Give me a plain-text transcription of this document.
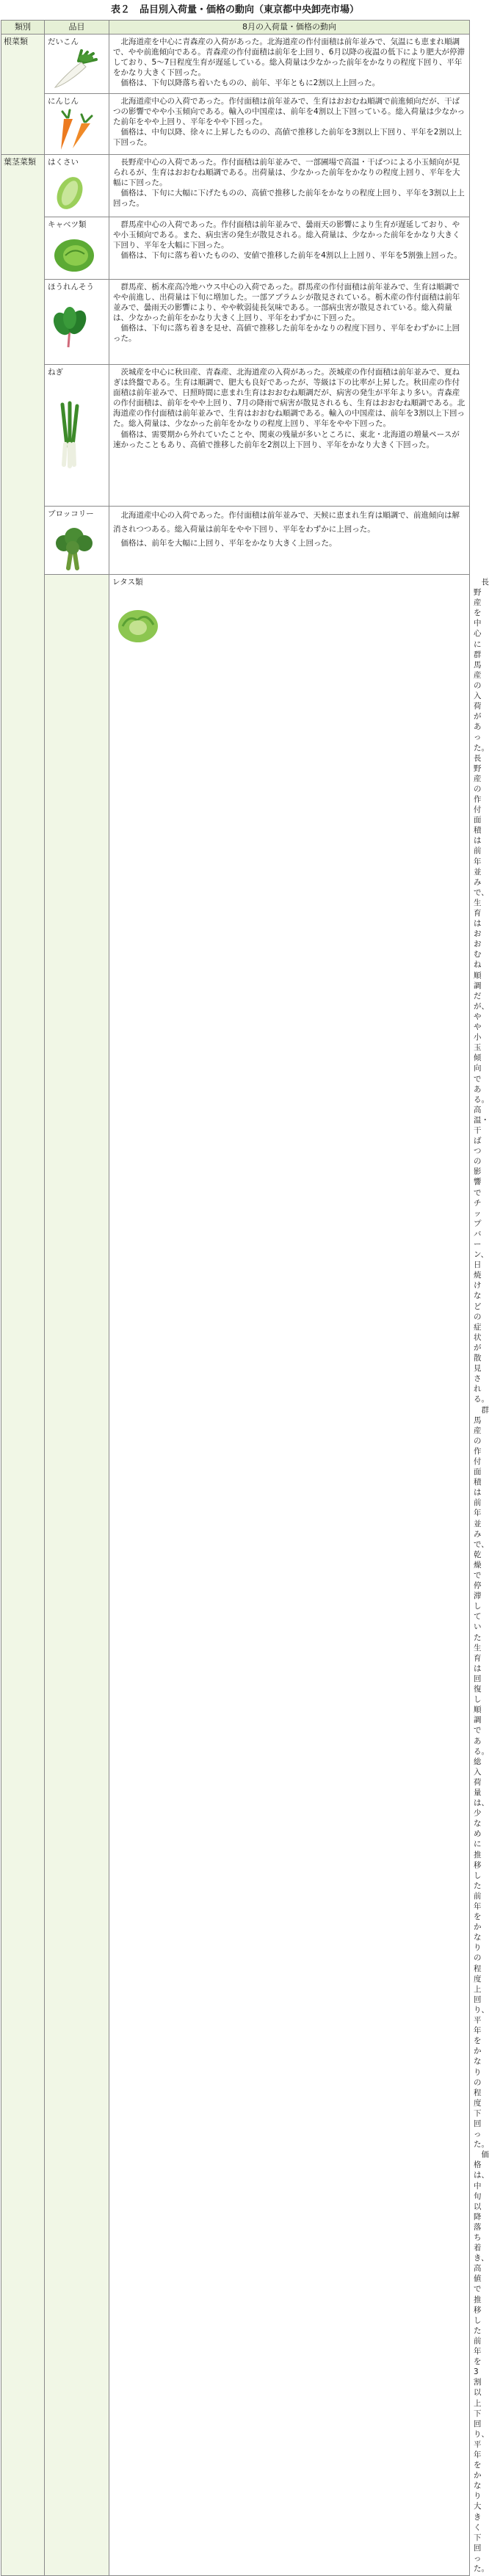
表２　品目別入荷量・価格の動向（東京都中央卸売市場）
類別	品目	8月の入荷量・価格の動向	
根菜類	だいこん	北海道産を中心に青森産の入荷があった。北海道産の作付面積は前年並みで、気温にも恵まれ順調で、やや前進傾向である。青森産の作付面積は前年を上回り、6月以降の夜温の低下により肥大が停滞しており、5〜7日程度生育が遅延している。総入荷量は少なかった前年をかなりの程度下回り、平年をかなり大きく下回った。

価格は、下旬以降落ち着いたものの、前年、平年ともに2割以上上回った。	

	にんじん	北海道産中心の入荷であった。作付面積は前年並みで、生育はおおむね順調で前進傾向だが、干ばつの影響でやや小玉傾向である。輸入の中国産は、前年を4割以上下回っている。総入荷量は少なかった前年をやや上回り、平年をやや下回った。

価格は、中旬以降、徐々に上昇したものの、高値で推移した前年を3割以上下回り、平年を2割以上下回った。	

葉茎菜類	はくさい	長野産中心の入荷であった。作付面積は前年並みで、一部圃場で高温・干ばつによる小玉傾向が見られるが、生育はおおむね順調である。出荷量は、少なかった前年をかなりの程度上回り、平年を大幅に下回った。

価格は、下旬に大幅に下げたものの、高値で推移した前年をかなりの程度上回り、平年を3割以上上回った。	

	キャベツ類	群馬産中心の入荷であった。作付面積は前年並みで、曇雨天の影響により生育が遅延しており、やや小玉傾向である。また、病虫害の発生が散見される。総入荷量は、少なかった前年をかなり大きく下回り、平年を大幅に下回った。

価格は、下旬に落ち着いたものの、安値で推移した前年を4割以上上回り、平年を5割強上回った。	

	ほうれんそう	群馬産、栃木産高冷地ハウス中心の入荷であった。群馬産の作付面積は前年並みで、生育は順調でやや前進し、出荷量は下旬に増加した。一部アブラムシが散見されている。栃木産の作付面積は前年並みで、曇雨天の影響により、やや軟弱徒長気味である。一部病虫害が散見されている。総入荷量は、少なかった前年をかなり大きく上回り、平年をわずかに下回った。

価格は、下旬に落ち着きを見せ、高値で推移した前年をかなりの程度下回り、平年をわずかに上回った。	

	ねぎ	茨城産を中心に秋田産、青森産、北海道産の入荷があった。茨城産の作付面積は前年並みで、夏ねぎは終盤である。生育は順調で、肥大も良好であったが、等級は下の比率が上昇した。秋田産の作付面積は前年並みで、日照時間に恵まれ生育はおおむね順調だが、病害の発生が平年より多い。青森産の作付面積は、前年をやや上回り、7月の降雨で病害が散見されるも、生育はおおむね順調である。北海道産の作付面積は前年並みで、生育はおおむね順調である。輸入の中国産は、前年を3割以上下回った。総入荷量は、少なかった前年をかなりの程度上回り、平年をやや下回った。

価格は、需要期から外れていたことや、関東の残量が多いところに、東北・北海道の増量ペースが速かったこともあり、高値で推移した前年を2割以上下回り、平年をかなり大きく下回った。	

	ブロッコリー	北海道産中心の入荷であった。作付面積は前年並みで、天候に恵まれ生育は順調で、前進傾向は解消されつつある。総入荷量は前年をやや下回り、平年をわずかに上回った。

価格は、前年を大幅に上回り、平年をかなり大きく上回った。	

		レタス類	長野産を中心に群馬産の入荷があった。長野産の作付面積は前年並みで、生育はおおむね順調だが、やや小玉傾向である。高温・干ばつの影響でチップバーン、日焼けなどの症状が散見される。

群馬産の作付面積は前年並みで、乾燥で停滞していた生育は回復し順調である。総入荷量は、少なめに推移した前年をかなりの程度上回り、平年をかなりの程度下回った。

価格は、中旬以降落ち着き、高値で推移した前年を3割以上下回り、平年をかなり大きく下回った。
